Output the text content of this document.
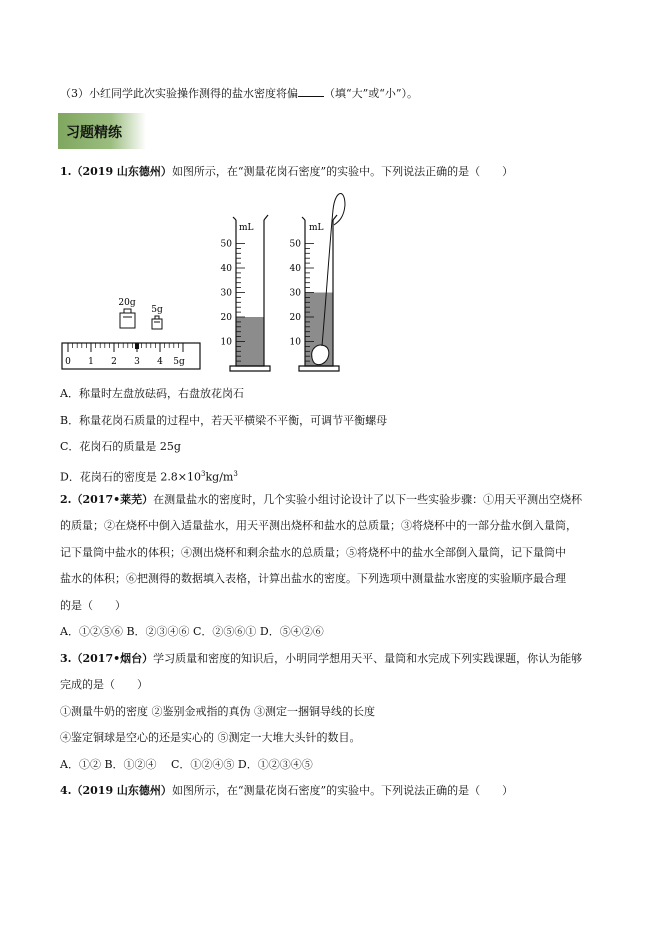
（3）小红同学此次实验操作测得的盐水密度将偏 （填“大”或“小”）。
习题精练
1.（2019 山东德州）如图所示，在“测量花岗石密度”的实验中。下列说法正确的是（　　）
20g
5g
0 1 2 3 4 5g
mL
50
40
30
20
10
mL
50
40
30
20
10
A．称量时左盘放砝码，右盘放花岗石
B．称量花岗石质量的过程中，若天平横梁不平衡，可调节平衡螺母
C．花岗石的质量是 25g
D．花岗石的密度是 $2.8\times 10^3kg/m^3$
2.（2017•莱芜）在测量盐水的密度时，几个实验小组讨论设计了以下一些实验步骤：①用天平测出空烧杯
的质量；②在烧杯中倒入适量盐水，用天平测出烧杯和盐水的总质量；③将烧杯中的一部分盐水倒入量筒，
记下量筒中盐水的体积；④测出烧杯和剩余盐水的总质量；⑤将烧杯中的盐水全部倒入量筒，记下量筒中
盐水的体积；⑥把测得的数据填入表格，计算出盐水的密度。下列选项中测量盐水密度的实验顺序最合理
的是（　　）
A．①②⑤⑥ B．②③④⑥ C．②⑤⑥① D．⑤④②⑥
3.（2017•烟台）学习质量和密度的知识后，小明同学想用天平、量筒和水完成下列实践课题，你认为能够
完成的是（　　）
①测量牛奶的密度 ②鉴别金戒指的真伪 ③测定一捆铜导线的长度
④鉴定铜球是空心的还是实心的 ⑤测定一大堆大头针的数目。
A．①② B．①②④　 C．①②④⑤ D．①②③④⑤
4.（2019 山东德州）如图所示，在“测量花岗石密度”的实验中。下列说法正确的是（　　）
